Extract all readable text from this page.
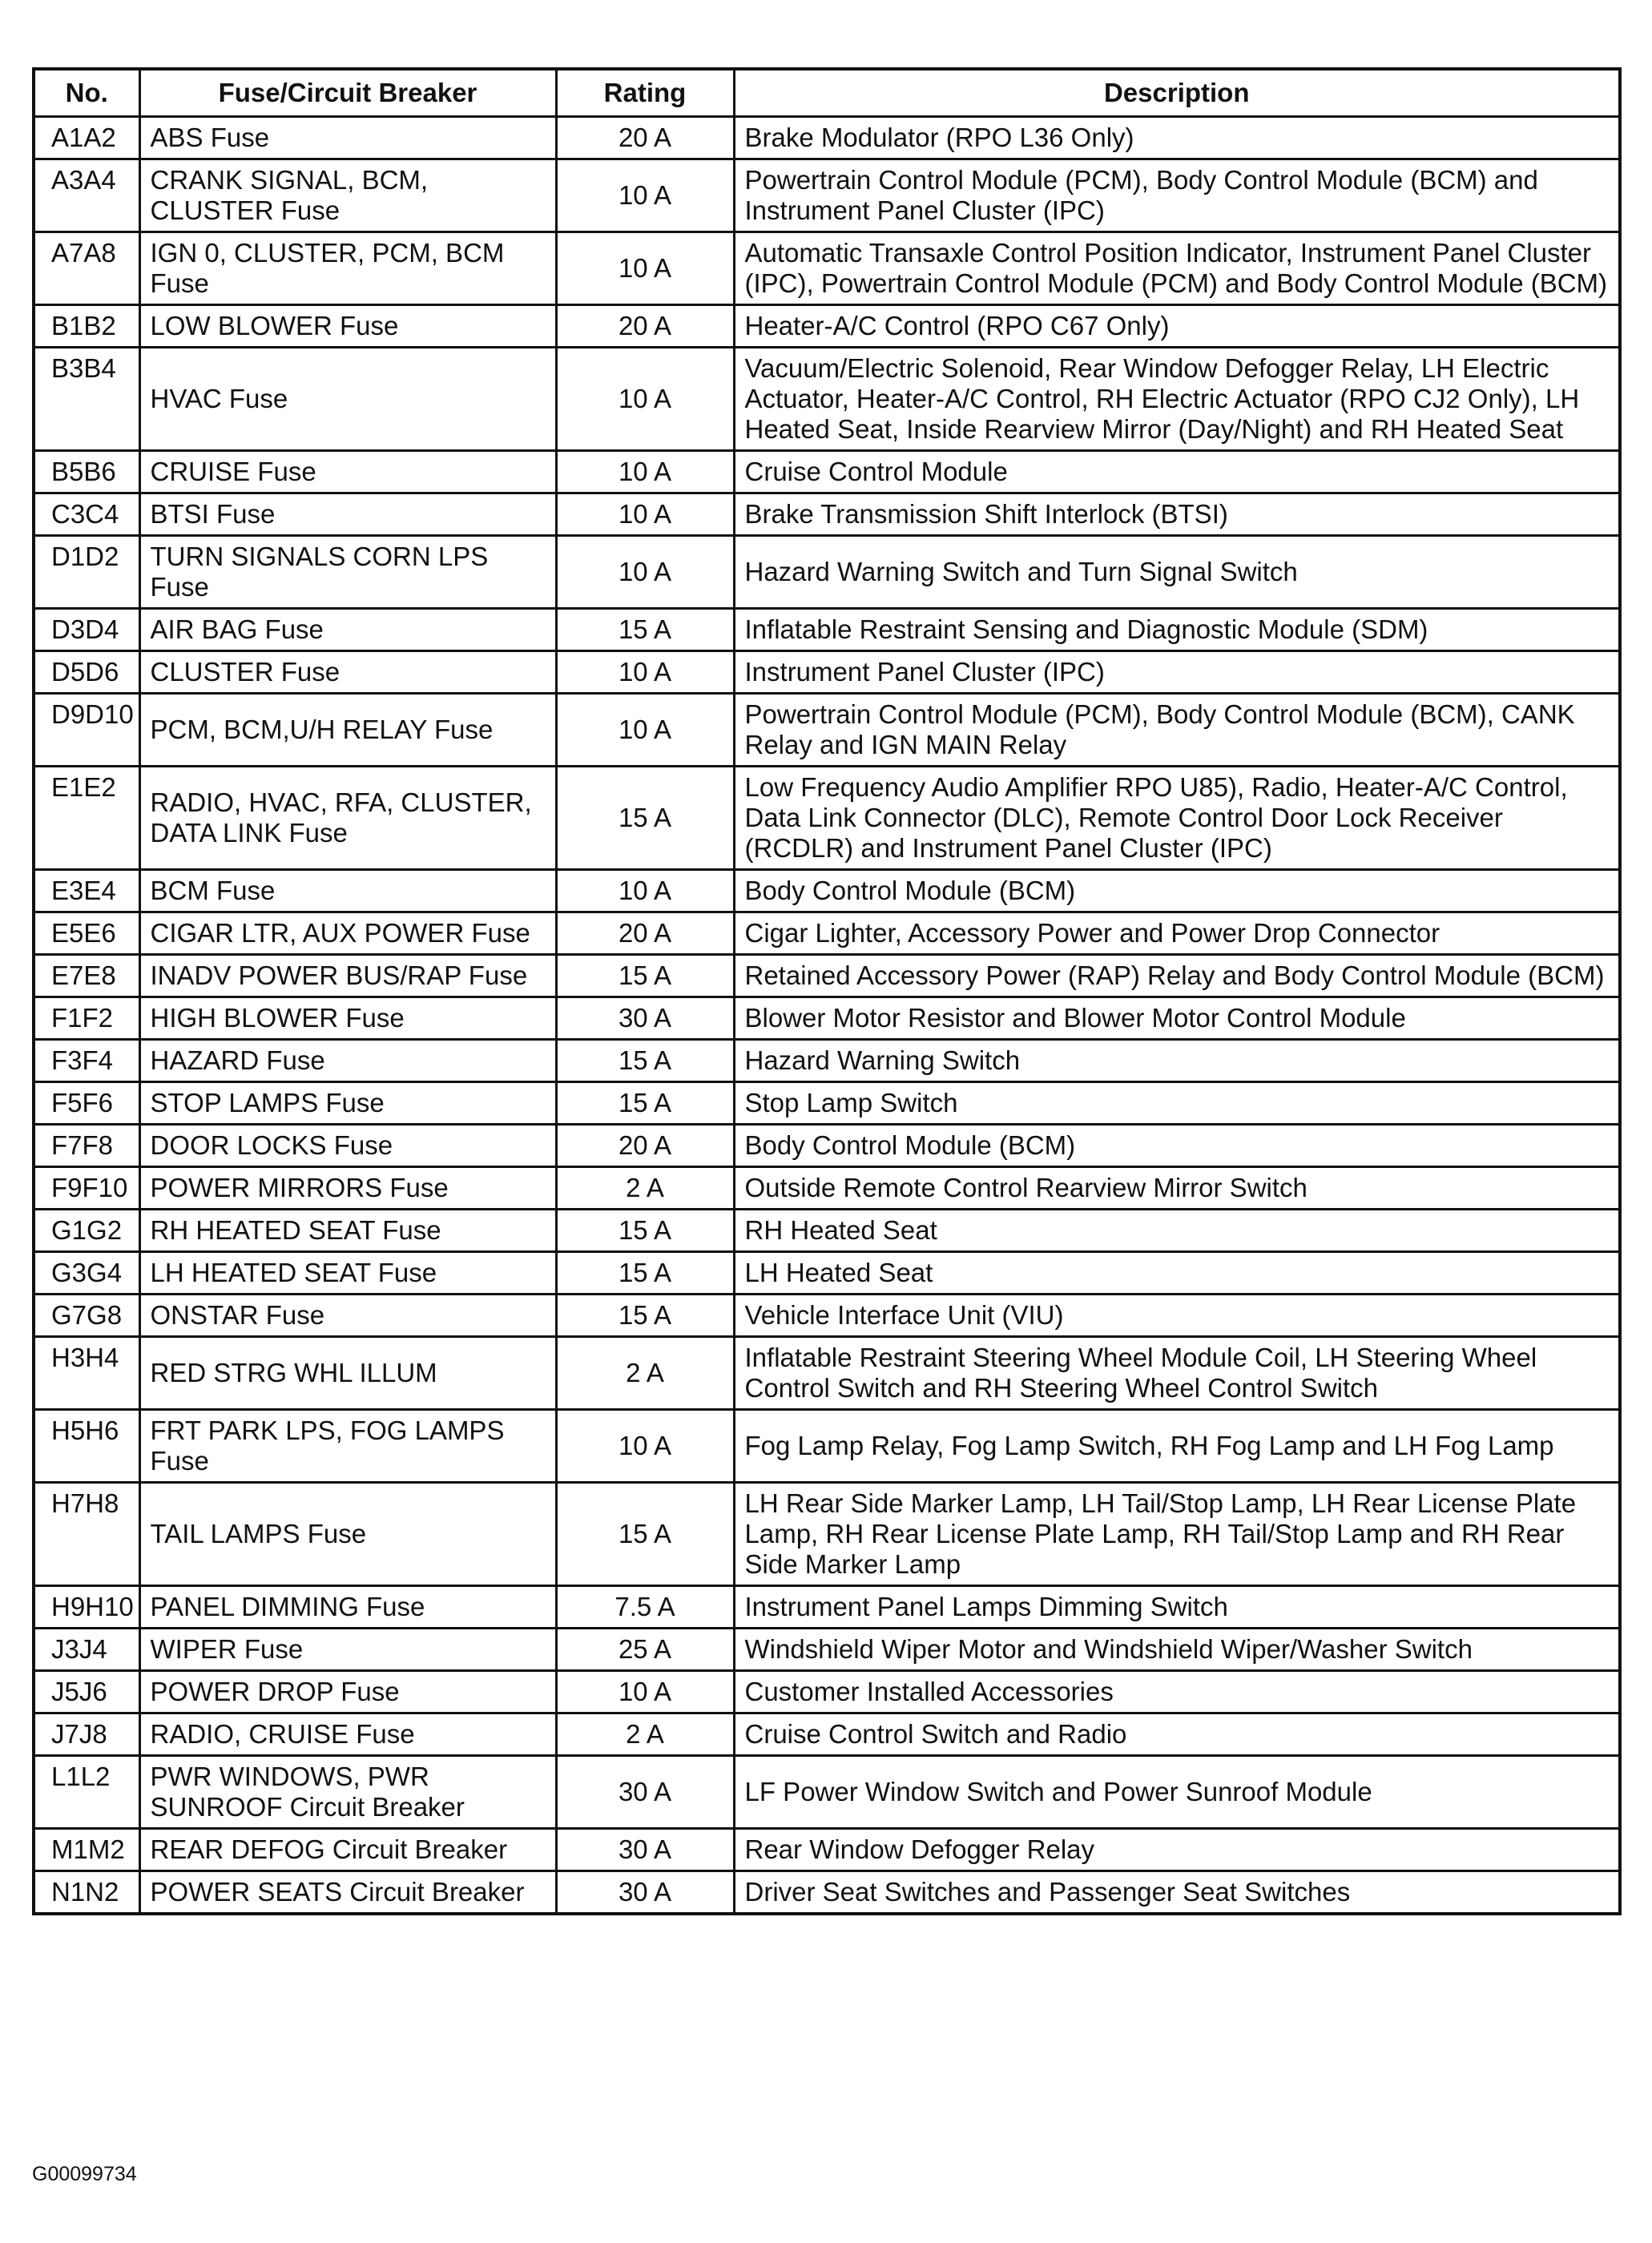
No.	Fuse/Circuit Breaker	Rating	Description
A1A2	ABS Fuse	20 A	Brake Modulator (RPO L36 Only)
A3A4	CRANK SIGNAL, BCM, CLUSTER Fuse	10 A	Powertrain Control Module (PCM), Body Control Module (BCM) and Instrument Panel Cluster (IPC)
A7A8	IGN 0, CLUSTER, PCM, BCM Fuse	10 A	Automatic Transaxle Control Position Indicator, Instrument Panel Cluster (IPC), Powertrain Control Module (PCM) and Body Control Module (BCM)
B1B2	LOW BLOWER Fuse	20 A	Heater-A/C Control (RPO C67 Only)
B3B4	HVAC Fuse	10 A	Vacuum/Electric Solenoid, Rear Window Defogger Relay, LH Electric Actuator, Heater-A/C Control, RH Electric Actuator (RPO CJ2 Only), LH Heated Seat, Inside Rearview Mirror (Day/Night) and RH Heated Seat
B5B6	CRUISE Fuse	10 A	Cruise Control Module
C3C4	BTSI Fuse	10 A	Brake Transmission Shift Interlock (BTSI)
D1D2	TURN SIGNALS CORN LPS Fuse	10 A	Hazard Warning Switch and Turn Signal Switch
D3D4	AIR BAG Fuse	15 A	Inflatable Restraint Sensing and Diagnostic Module (SDM)
D5D6	CLUSTER Fuse	10 A	Instrument Panel Cluster (IPC)
D9D10	PCM, BCM,U/H RELAY Fuse	10 A	Powertrain Control Module (PCM), Body Control Module (BCM), CANK Relay and IGN MAIN Relay
E1E2	RADIO, HVAC, RFA, CLUSTER, DATA LINK Fuse	15 A	Low Frequency Audio Amplifier RPO U85), Radio, Heater-A/C Control, Data Link Connector (DLC), Remote Control Door Lock Receiver (RCDLR) and Instrument Panel Cluster (IPC)
E3E4	BCM Fuse	10 A	Body Control Module (BCM)
E5E6	CIGAR LTR, AUX POWER Fuse	20 A	Cigar Lighter, Accessory Power and Power Drop Connector
E7E8	INADV POWER BUS/RAP Fuse	15 A	Retained Accessory Power (RAP) Relay and Body Control Module (BCM)
F1F2	HIGH BLOWER Fuse	30 A	Blower Motor Resistor and Blower Motor Control Module
F3F4	HAZARD Fuse	15 A	Hazard Warning Switch
F5F6	STOP LAMPS Fuse	15 A	Stop Lamp Switch
F7F8	DOOR LOCKS Fuse	20 A	Body Control Module (BCM)
F9F10	POWER MIRRORS Fuse	2 A	Outside Remote Control Rearview Mirror Switch
G1G2	RH HEATED SEAT Fuse	15 A	RH Heated Seat
G3G4	LH HEATED SEAT Fuse	15 A	LH Heated Seat
G7G8	ONSTAR Fuse	15 A	Vehicle Interface Unit (VIU)
H3H4	RED STRG WHL ILLUM	2 A	Inflatable Restraint Steering Wheel Module Coil, LH Steering Wheel Control Switch and RH Steering Wheel Control Switch
H5H6	FRT PARK LPS, FOG LAMPS Fuse	10 A	Fog Lamp Relay, Fog Lamp Switch, RH Fog Lamp and LH Fog Lamp
H7H8	TAIL LAMPS Fuse	15 A	LH Rear Side Marker Lamp, LH Tail/Stop Lamp, LH Rear License Plate Lamp, RH Rear License Plate Lamp, RH Tail/Stop Lamp and RH Rear Side Marker Lamp
H9H10	PANEL DIMMING Fuse	7.5 A	Instrument Panel Lamps Dimming Switch
J3J4	WIPER Fuse	25 A	Windshield Wiper Motor and Windshield Wiper/Washer Switch
J5J6	POWER DROP Fuse	10 A	Customer Installed Accessories
J7J8	RADIO, CRUISE Fuse	2 A	Cruise Control Switch and Radio
L1L2	PWR WINDOWS, PWR SUNROOF Circuit Breaker	30 A	LF Power Window Switch and Power Sunroof Module
M1M2	REAR DEFOG Circuit Breaker	30 A	Rear Window Defogger Relay
N1N2	POWER SEATS Circuit Breaker	30 A	Driver Seat Switches and Passenger Seat Switches
G00099734
